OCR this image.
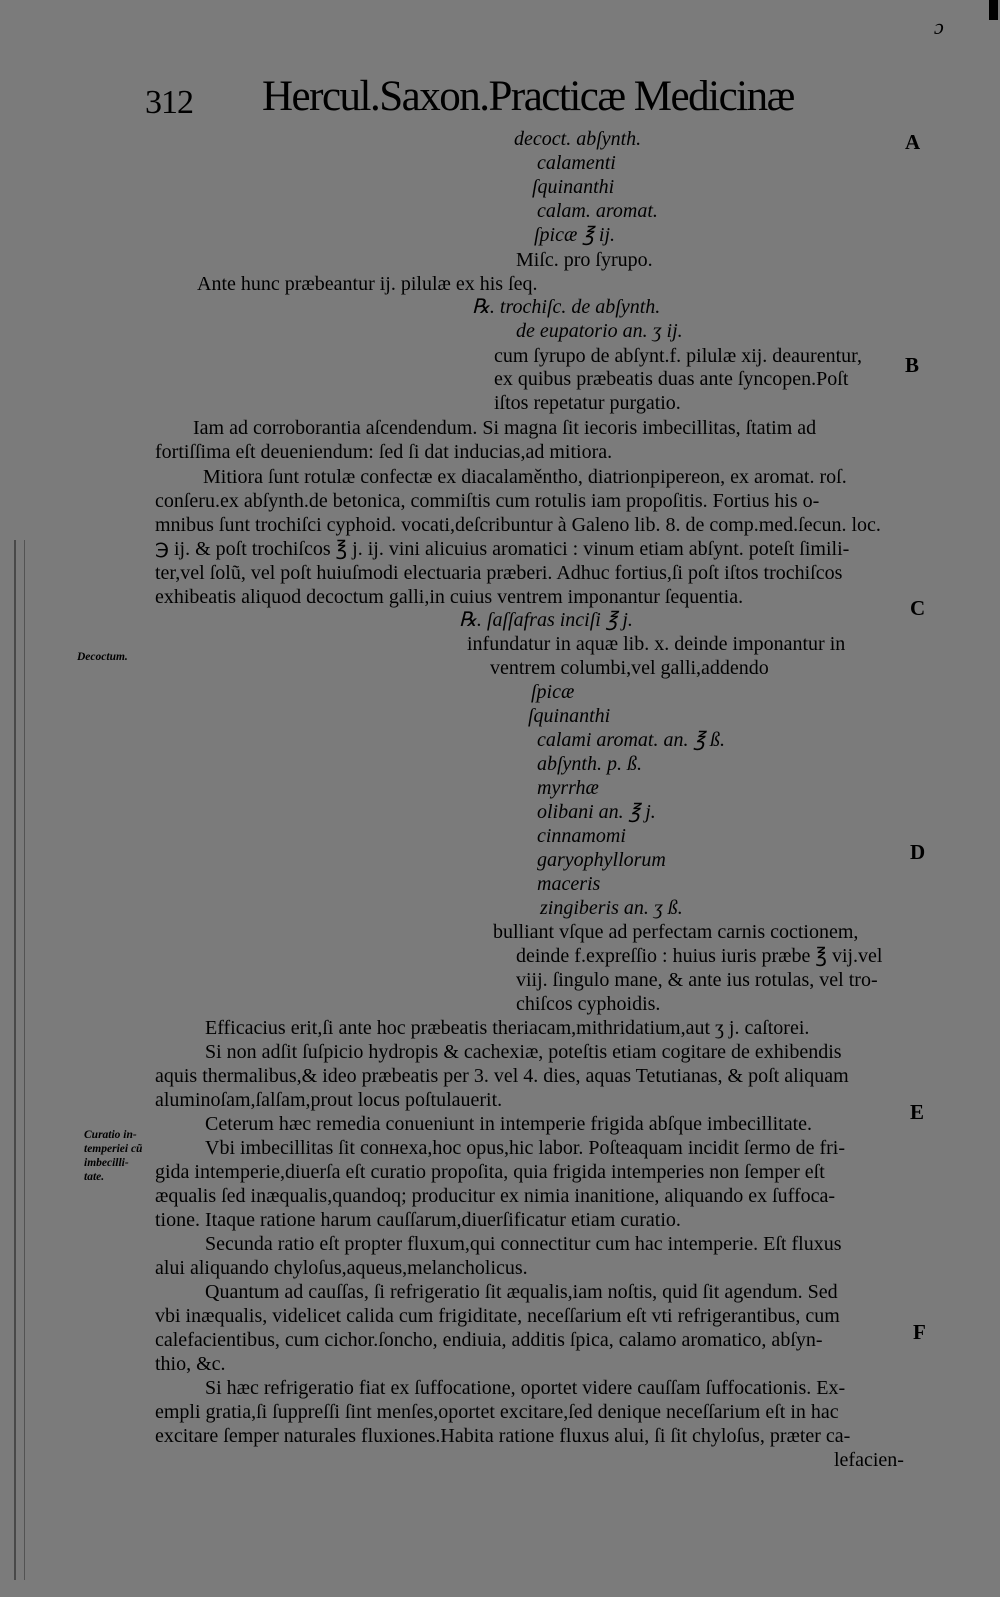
ɔ
312 Hercul.Saxon.Practicæ Medicinæ
A
B
C
D
E
F
Decoctum.
Curatio in-
temperiei cũ
imbecilli-
tate.
decoct. abſynth.
calamenti
ſquinanthi
calam. aromat.
ſpicæ ℥ ij.
Miſc. pro ſyrupo.
Ante hunc præbeantur ij. pilulæ ex his ſeq.
℞. trochiſc. de abſynth.
de eupatorio an. ʒ ij.
cum ſyrupo de abſynt.f. pilulæ xij. deaurentur,
ex quibus præbeatis duas ante ſyncopen.Poſt
iſtos repetatur purgatio.
Iam ad corroborantia aſcendendum. Si magna ſit iecoris imbecillitas, ſtatim ad
fortiſſima eſt deueniendum: ſed ſi dat inducias,ad mitiora.
Mitiora ſunt rotulæ confectæ ex diacalaměntho, diatrionpipereon, ex aromat. roſ.
conſeru.ex abſynth.de betonica, commiſtis cum rotulis iam propoſitis. Fortius his o-
mnibus ſunt trochiſci cyphoid. vocati,deſcribuntur à Galeno lib. 8. de comp.med.ſecun. loc.
℈ ij. & poſt trochiſcos ℥ j. ij. vini alicuius aromatici : vinum etiam abſynt. poteſt ſimili-
ter,vel ſolũ, vel poſt huiuſmodi electuaria præberi. Adhuc fortius,ſi poſt iſtos trochiſcos
exhibeatis aliquod decoctum galli,in cuius ventrem imponantur ſequentia.
℞. ſaſſafras inciſi ℥ j.
infundatur in aquæ lib. x. deinde imponantur in
ventrem columbi,vel galli,addendo
ſpicæ
ſquinanthi
calami aromat. an. ℥ ß.
abſynth. p. ß.
myrrhæ
olibani an. ℥ j.
cinnamomi
garyophyllorum
maceris
zingiberis an. ʒ ß.
bulliant vſque ad perfectam carnis coctionem,
deinde f.expreſſio : huius iuris præbe ℥ vij.vel
viij. ſingulo mane, & ante ius rotulas, vel tro-
chiſcos cyphoidis.
Efficacius erit,ſi ante hoc præbeatis theriacam,mithridatium,aut ʒ j. caſtorei.
Si non adſit ſuſpicio hydropis & cachexiæ, poteſtis etiam cogitare de exhibendis
aquis thermalibus,& ideo præbeatis per 3. vel 4. dies, aquas Tetutianas, & poſt aliquam
aluminoſam,ſalſam,prout locus poſtulauerit.
Ceterum hæc remedia conueniunt in intemperie frigida abſque imbecillitate.
Vbi imbecillitas ſit conнexa,hoc opus,hic labor. Poſteaquam incidit ſermo de fri-
gida intemperie,diuerſa eſt curatio propoſita, quia frigida intemperies non ſemper eſt
æqualis ſed inæqualis,quandoq; producitur ex nimia inanitione, aliquando ex ſuffoca-
tione. Itaque ratione harum cauſſarum,diuerſificatur etiam curatio.
Secunda ratio eſt propter fluxum,qui connectitur cum hac intemperie. Eſt fluxus
alui aliquando chyloſus,aqueus,melancholicus.
Quantum ad cauſſas, ſi refrigeratio ſit æqualis,iam noſtis, quid ſit agendum. Sed
vbi inæqualis, videlicet calida cum frigiditate, neceſſarium eſt vti refrigerantibus, cum
calefacientibus, cum cichor.ſoncho, endiuia, additis ſpica, calamo aromatico, abſyn-
thio, &c.
Si hæc refrigeratio fiat ex ſuffocatione, oportet videre cauſſam ſuffocationis. Ex-
empli gratia,ſi ſuppreſſi ſint menſes,oportet excitare,ſed denique neceſſarium eſt in hac
excitare ſemper naturales fluxiones.Habita ratione fluxus alui, ſi ſit chyloſus, præter ca-
lefacien-
